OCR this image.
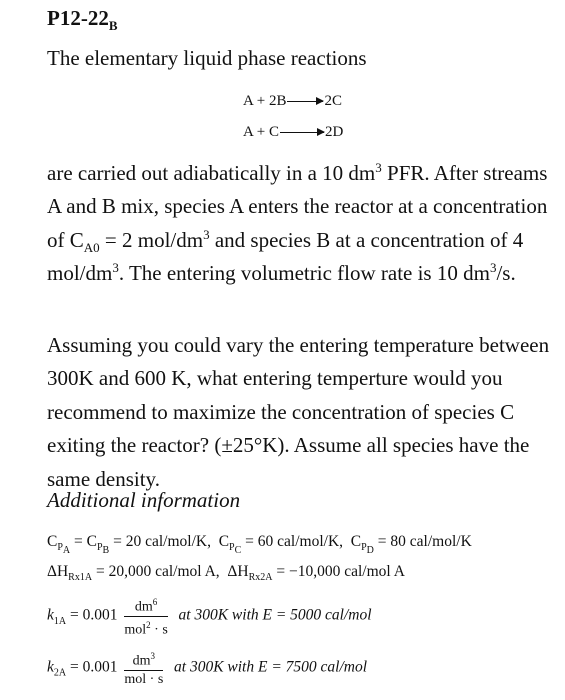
$P12-22_B$
The elementary liquid phase reactions
A + 2B	2C
A + C	2D
are carried out adiabatically in a 10 $dm^3$ PFR. After streams A and B mix, species A enters the reactor at a concentration of $C_{A0} = 2$ mol/$dm^3$ and species B at a concentration of 4 mol/$dm^3$. The entering volumetric flow rate is 10 $dm^3/s$.
Assuming you could vary the entering temperature between 300K and 600 K, what entering temperture would you recommend to maximize the concentration of species C exiting the reactor? (±25°K). Assume all species have the same density.
Additional information
$C_{P_A} = C_{P_B} = 20$ cal/mol/K,  $C_{P_C} = 60$ cal/mol/K,  $C_{P_D} = 80$ cal/mol/K
$\Delta H_{Rx1A} = 20,000$ cal/mol A,  $\Delta H_{Rx2A} = -10,000$ cal/mol A
$k_{1A} = 0.001 \frac{dm^6}{mol^2 \cdot s}$ at 300K with E = 5000 cal/mol
$k_{2A} = 0.001 \frac{dm^3}{\text{mol · s}}$ at 300K with E = 7500 cal/mol
